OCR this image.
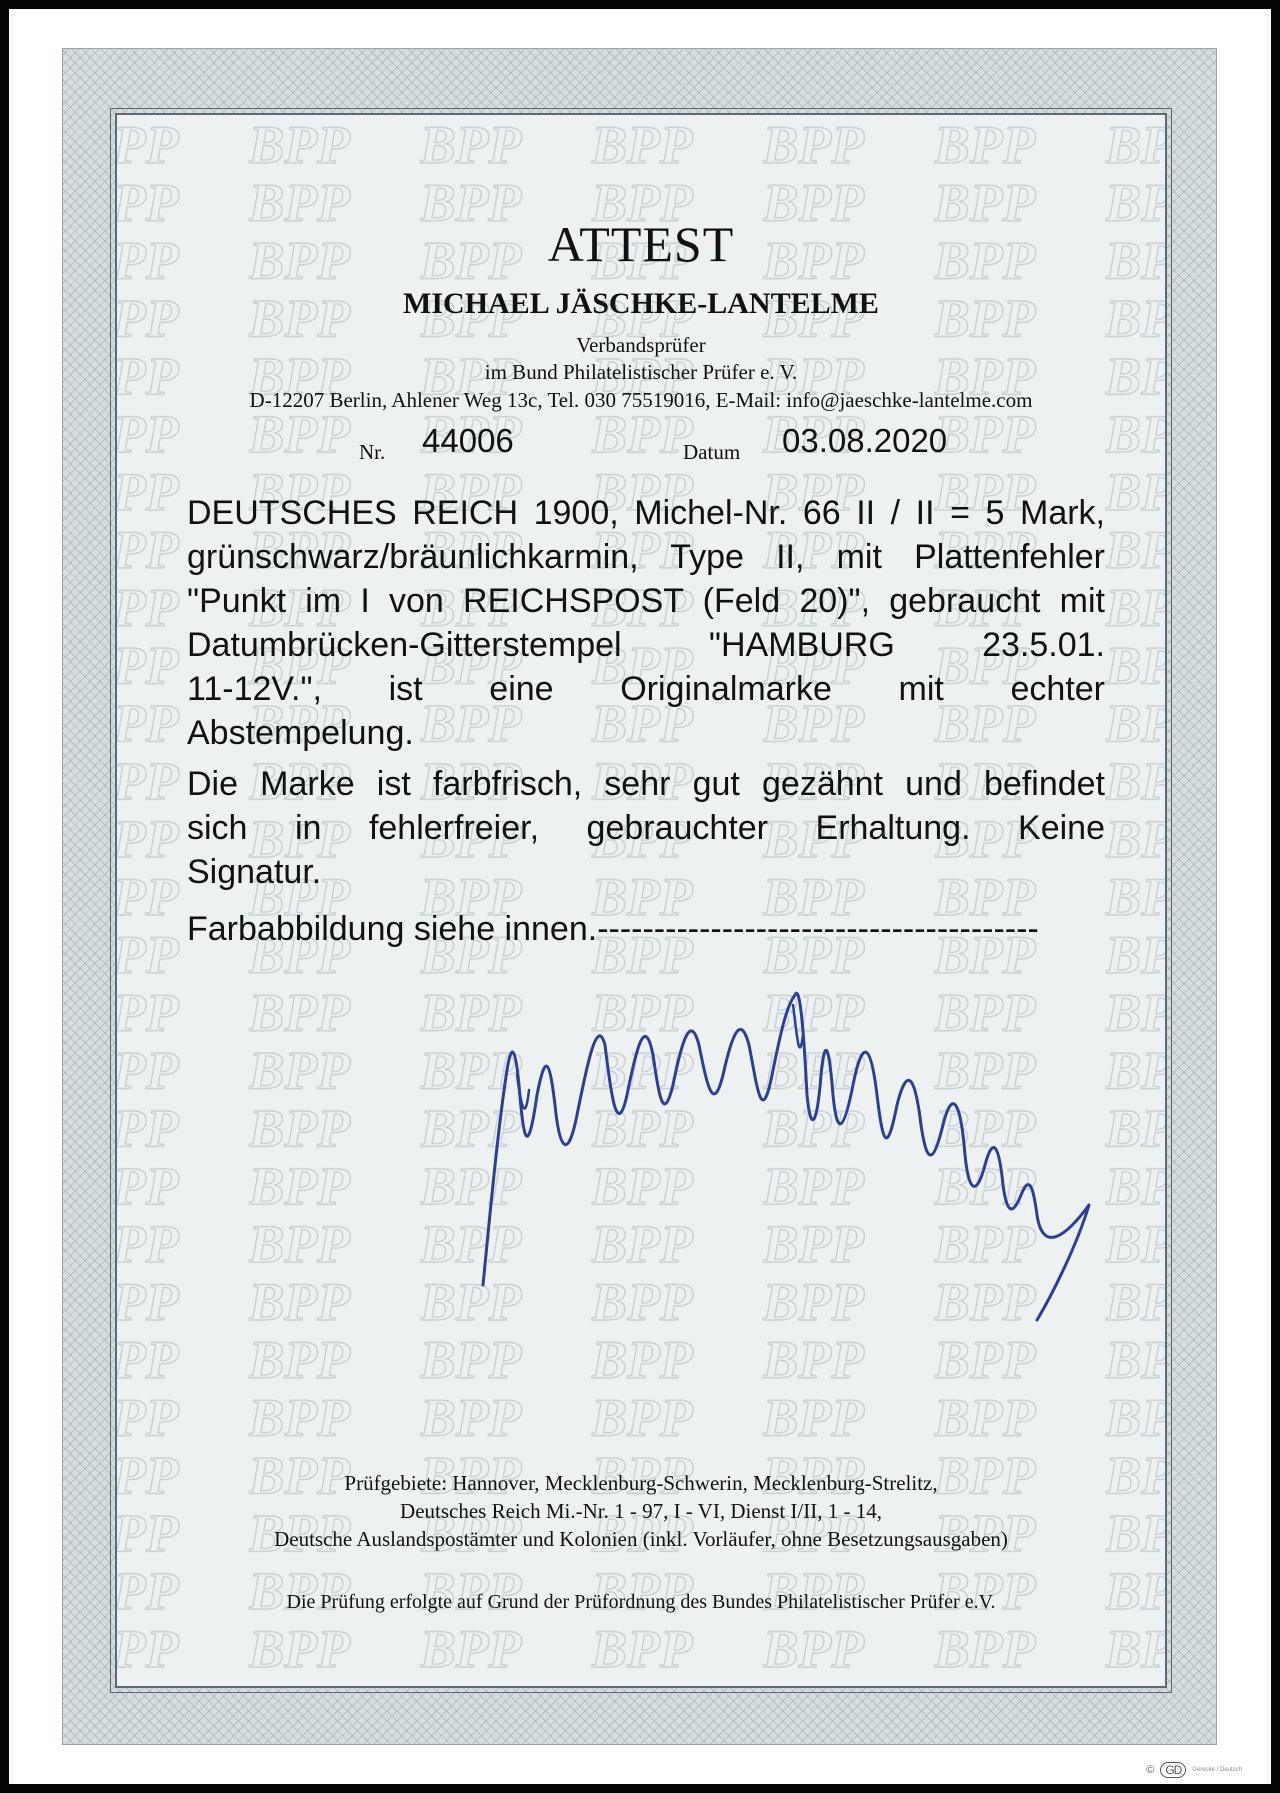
ATTEST
MICHAEL JÄSCHKE-LANTELME
Verbandsprüfer
im Bund Philatelistischer Prüfer e. V.
D-12207 Berlin, Ahlener Weg 13c, Tel. 030 75519016, E-Mail: info@jaeschke-lantelme.com
Nr. 44006	Datum 03.08.2020
DEUTSCHES REICH 1900, Michel-Nr. 66 II / II = 5 Mark,
grünschwarz/bräunlichkarmin, Type II, mit Plattenfehler
"Punkt im I von REICHSPOST (Feld 20)", gebraucht mit
Datumbrücken-Gitterstempel "HAMBURG 23.5.01.
11-12V.", ist eine Originalmarke mit echter
Abstempelung.
Die Marke ist farbfrisch, sehr gut gezähnt und befindet
sich in fehlerfreier, gebrauchter Erhaltung. Keine
Signatur.
Farbabbildung siehe innen.---------------------------------------
Prüfgebiete: Hannover, Mecklenburg-Schwerin, Mecklenburg-Strelitz,
Deutsches Reich Mi.-Nr. 1 - 97, I - VI, Dienst I/II, 1 - 14,
Deutsche Auslandspostämter und Kolonien (inkl. Vorläufer, ohne Besetzungsausgaben)
Die Prüfung erfolgte auf Grund der Prüfordnung des Bundes Philatelistischer Prüfer e.V.
© GD	Gerecke / Deutsch
